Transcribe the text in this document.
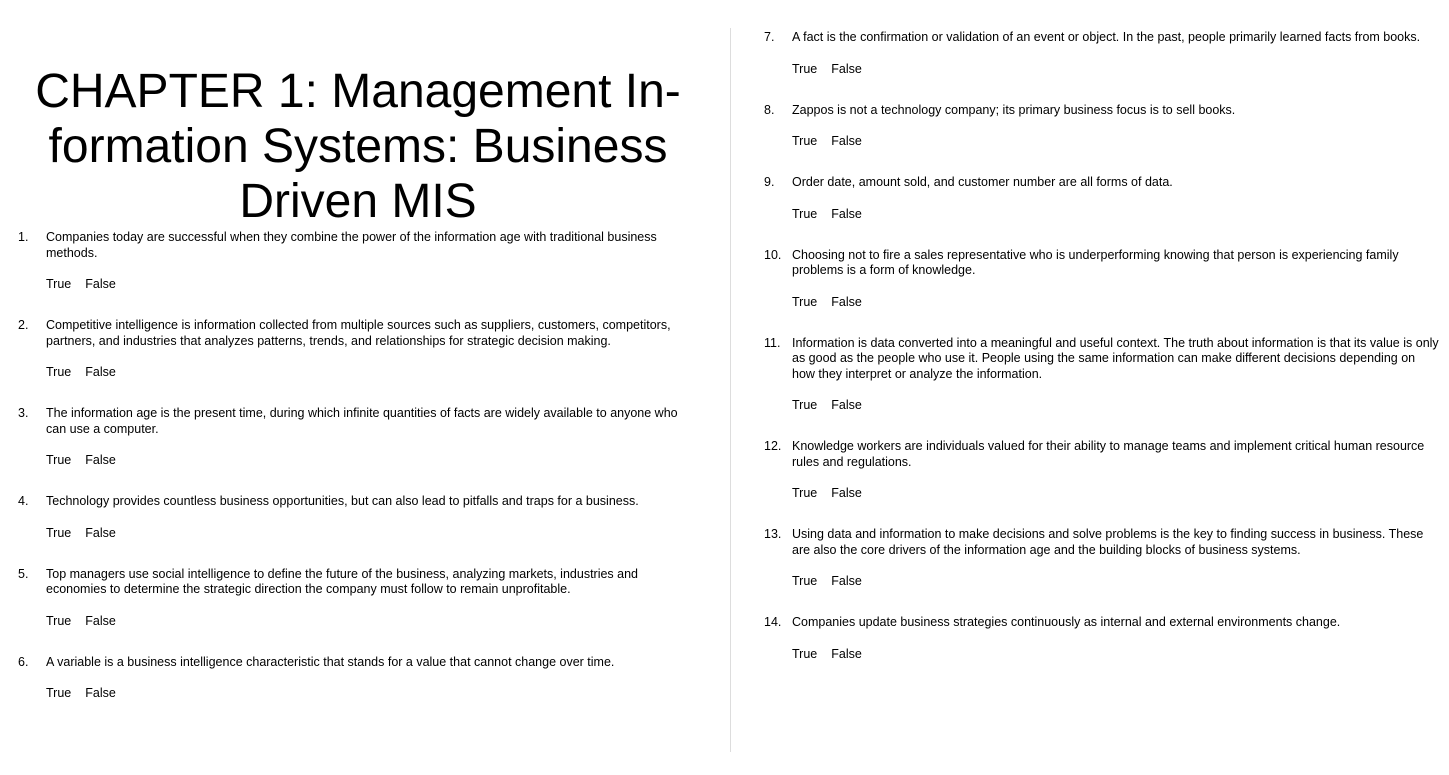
CHAPTER 1: Management In-
formation Systems: Business
Driven MIS
1.	Companies today are successful when they combine the power of the information age with traditional business methods.
True False
2.	Competitive intelligence is information collected from multiple sources such as suppliers, customers, competitors, partners, and industries that analyzes patterns, trends, and relationships for strategic decision making.
True False
3.	The information age is the present time, during which infinite quantities of facts are widely available to anyone who can use a computer.
True False
4.	Technology provides countless business opportunities, but can also lead to pitfalls and traps for a business.
True False
5.	Top managers use social intelligence to define the future of the business, analyzing markets, industries and economies to determine the strategic direction the company must follow to remain unprofitable.
True False
6.	A variable is a business intelligence characteristic that stands for a value that cannot change over time.
True False
7.	A fact is the confirmation or validation of an event or object. In the past, people primarily learned facts from books.
True False
8.	Zappos is not a technology company; its primary business focus is to sell books.
True False
9.	Order date, amount sold, and customer number are all forms of data.
True False
10. Choosing not to fire a sales representative who is underperforming knowing that person is experiencing family problems is a form of knowledge.
True False
11. Information is data converted into a meaningful and useful context. The truth about information is that its value is only as good as the people who use it. People using the same information can make different decisions depending on how they interpret or analyze the information.
True False
12. Knowledge workers are individuals valued for their ability to manage teams and implement critical human resource rules and regulations.
True False
13. Using data and information to make decisions and solve problems is the key to finding success in business. These are also the core drivers of the information age and the building blocks of business systems.
True False
14. Companies update business strategies continuously as internal and external environments change.
True False
